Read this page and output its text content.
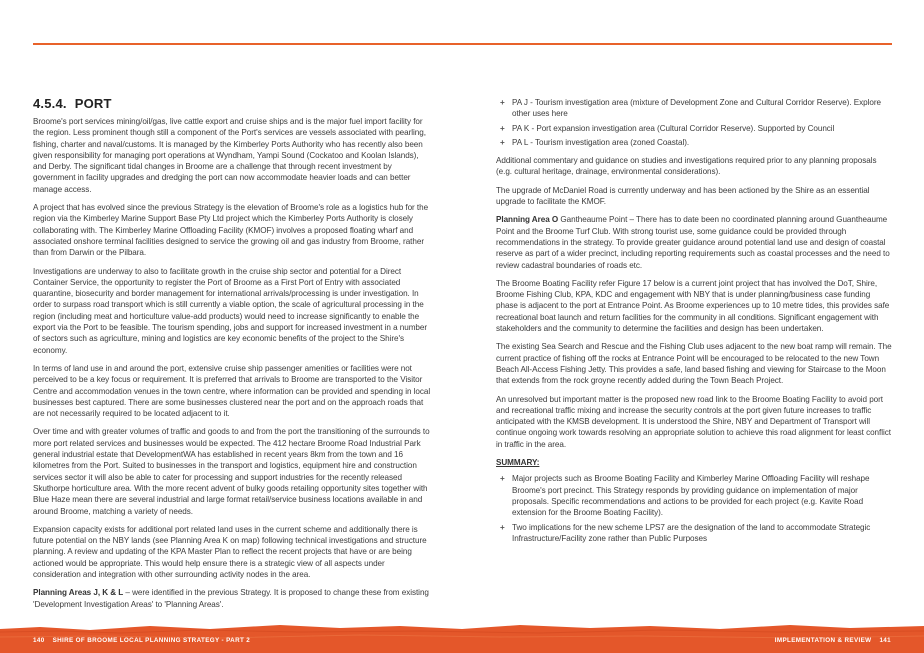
4.5.4. PORT

Broome's port services mining/oil/gas, live cattle export and cruise ships and is the major fuel import facility for the region. Less prominent though still a component of the Port's services are vessels associated with pearling, fishing, charter and naval/customs. It is managed by the Kimberley Ports Authority who has recently also been given responsibility for managing port operations at Wyndham, Yampi Sound (Cockatoo and Koolan Islands), and Derby. The significant tidal changes in Broome are a challenge that through recent investment by government in facility upgrades and dredging the port can now accommodate heavier loads and can better manage access.

A project that has evolved since the previous Strategy is the elevation of Broome's role as a logistics hub for the region via the Kimberley Marine Support Base Pty Ltd project which the Kimberley Ports Authority is closely collaborating with. The Kimberley Marine Offloading Facility (KMOF) involves a proposed floating wharf and associated onshore terminal facilities designed to service the growing oil and gas industry from Broome, rather than from Darwin or the Pilbara.

Investigations are underway to also to facilitate growth in the cruise ship sector and potential for a Direct Container Service, the opportunity to register the Port of Broome as a First Port of Entry with associated quarantine, biosecurity and border management for international arrivals/processing is under investigation. In order to surpass road transport which is still currently a viable option, the scale of agricultural processing in the region (including meat and horticulture value-add products) would need to increase significantly to enable the export via the Port to be feasible. The tourism spending, jobs and support for increased investment in a number of sectors such as agriculture, mining and logistics are key economic benefits of the project to the Shire's economy.

In terms of land use in and around the port, extensive cruise ship passenger amenities or facilities were not perceived to be a key focus or requirement. It is preferred that arrivals to Broome are transported to the Visitor Centre and accommodation venues in the town centre, where information can be provided and spending in local businesses best captured. There are some businesses clustered near the port and on the approach roads that are not necessarily required to be located adjacent to it.

Over time and with greater volumes of traffic and goods to and from the port the transitioning of the surrounds to more port related services and businesses would be expected. The 412 hectare Broome Road Industrial Park general industrial estate that DevelopmentWA has established in recent years 8km from the town and 16 kilometres from the Port. Suited to businesses in the transport and logistics, equipment hire and construction services sector it will also be able to cater for processing and support industries for the recently released Skuthorpe horticulture area. With the more recent advent of bulky goods retailing opportunity sites together with Blue Haze mean there are several industrial and large format retail/service business locations available in and around Broome, matching a variety of needs.

Expansion capacity exists for additional port related land uses in the current scheme and additionally there is future potential on the NBY lands (see Planning Area K on map) following technical investigations and structure planning. A review and updating of the KPA Master Plan to reflect the recent projects that have or are being actioned would be appropriate. This would help ensure there is a strategic view of all aspects under consideration and integration with other surrounding activity nodes in the area.

Planning Areas J, K & L – were identified in the previous Strategy. It is proposed to change these from existing 'Development Investigation Areas' to 'Planning Areas'.

+ PA J - Tourism investigation area (mixture of Development Zone and Cultural Corridor Reserve). Explore other uses here
+ PA K - Port expansion investigation area (Cultural Corridor Reserve). Supported by Council
+ PA L - Tourism investigation area (zoned Coastal).

Additional commentary and guidance on studies and investigations required prior to any planning proposals (e.g. cultural heritage, drainage, environmental considerations).

The upgrade of McDaniel Road is currently underway and has been actioned by the Shire as an essential upgrade to facilitate the KMOF.

Planning Area O Gantheaume Point – There has to date been no coordinated planning around Guantheaume Point and the Broome Turf Club. With strong tourist use, some guidance could be provided through recommendations in the strategy. To provide greater guidance around potential land use and design of coastal reserve as part of a wider precinct, including reporting requirements such as coastal processes and the need to review cadastral boundaries of roads etc.

The Broome Boating Facility refer Figure 17 below is a current joint project that has involved the DoT, Shire, Broome Fishing Club, KPA, KDC and engagement with NBY that is under planning/business case funding phase is adjacent to the port at Entrance Point. As Broome experiences up to 10 metre tides, this provides safe recreational boat launch and return facilities for the community in all conditions. Significant engagement with stakeholders and the community to determine the facilities and design has been undertaken.

The existing Sea Search and Rescue and the Fishing Club uses adjacent to the new boat ramp will remain. The current practice of fishing off the rocks at Entrance Point will be encouraged to be relocated to the new Town Beach All-Access Fishing Jetty. This provides a safe, land based fishing and viewing for Staircase to the Moon that extends from the rock groyne recently added during the Town Beach Project.

An unresolved but important matter is the proposed new road link to the Broome Boating Facility to avoid port and recreational traffic mixing and increase the security controls at the port given future increases to traffic anticipated with the KMSB development. It is understood the Shire, NBY and Department of Transport will continue ongoing work towards resolving an appropriate solution to achieve this road alignment for least conflict in traffic in the area.

SUMMARY:
+ Major projects such as Broome Boating Facility and Kimberley Marine Offloading Facility will reshape Broome's port precinct. This Strategy responds by providing guidance on implementation of major proposals. Specific recommendations and actions to be provided for each project (e.g. Kavite Road extension for the Broome Boating Facility).
+ Two implications for the new scheme LPS7 are the designation of the land to accommodate Strategic Infrastructure/Facility zone rather than Public Purposes
140 SHIRE OF BROOME LOCAL PLANNING STRATEGY - PART 2	IMPLEMENTATION & REVIEW 141
